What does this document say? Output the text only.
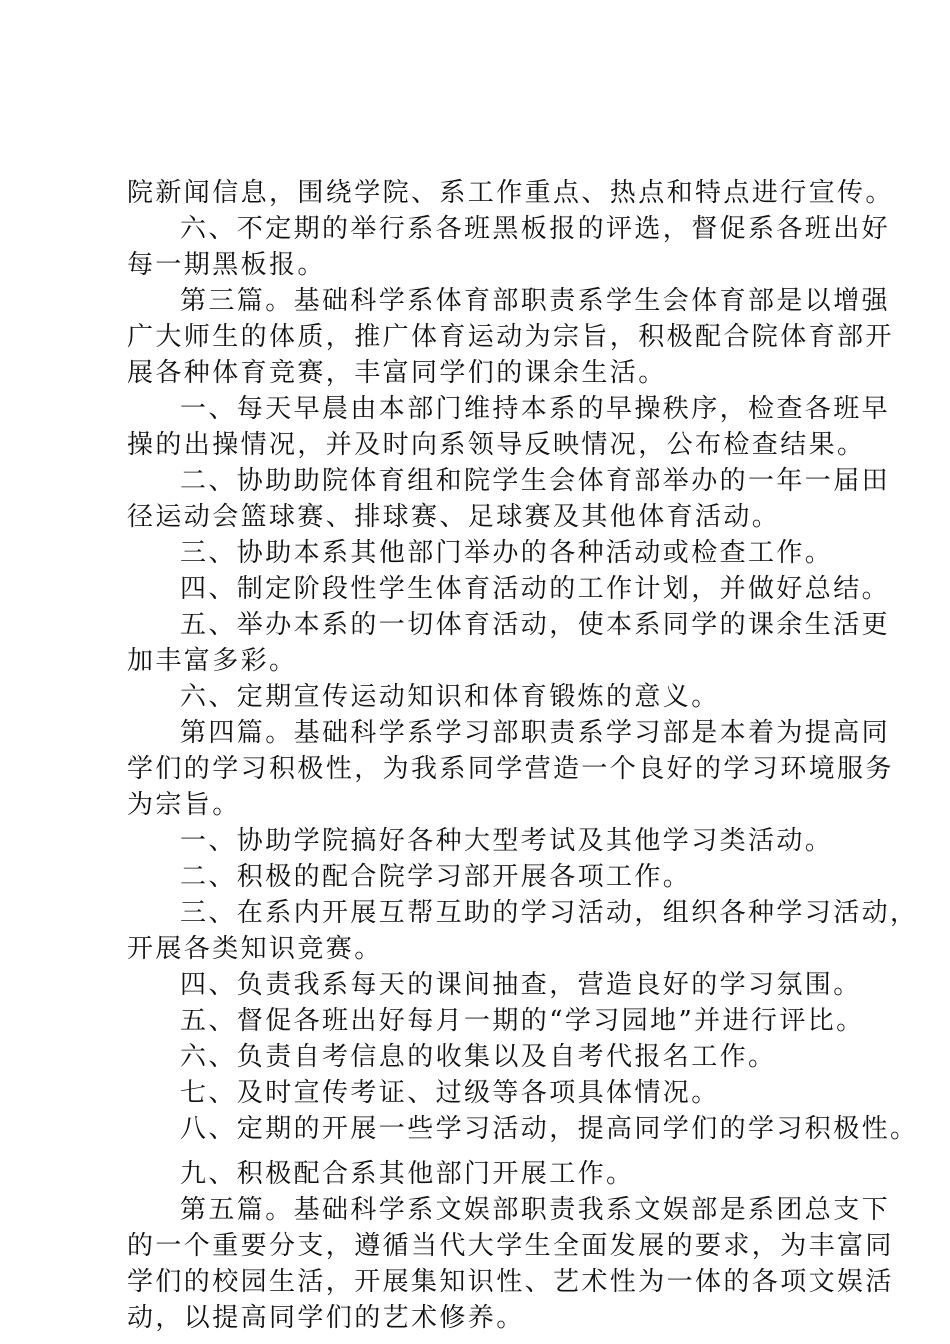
院新闻信息，围绕学院、系工作重点、热点和特点进行宣传。
六、不定期的举行系各班黑板报的评选，督促系各班出好
每一期黑板报。
第三篇。基础科学系体育部职责系学生会体育部是以增强
广大师生的体质，推广体育运动为宗旨，积极配合院体育部开
展各种体育竞赛，丰富同学们的课余生活。
一、每天早晨由本部门维持本系的早操秩序，检查各班早
操的出操情况，并及时向系领导反映情况，公布检查结果。
二、协助助院体育组和院学生会体育部举办的一年一届田
径运动会篮球赛、排球赛、足球赛及其他体育活动。
三、协助本系其他部门举办的各种活动或检查工作。
四、制定阶段性学生体育活动的工作计划，并做好总结。
五、举办本系的一切体育活动，使本系同学的课余生活更
加丰富多彩。
六、定期宣传运动知识和体育锻炼的意义。
第四篇。基础科学系学习部职责系学习部是本着为提高同
学们的学习积极性，为我系同学营造一个良好的学习环境服务
为宗旨。
一、协助学院搞好各种大型考试及其他学习类活动。
二、积极的配合院学习部开展各项工作。
三、在系内开展互帮互助的学习活动，组织各种学习活动，
开展各类知识竞赛。
四、负责我系每天的课间抽查，营造良好的学习氛围。
五、督促各班出好每月一期的“学习园地”并进行评比。
六、负责自考信息的收集以及自考代报名工作。
七、及时宣传考证、过级等各项具体情况。
八、定期的开展一些学习活动，提高同学们的学习积极性。
九、积极配合系其他部门开展工作。
第五篇。基础科学系文娱部职责我系文娱部是系团总支下
的一个重要分支，遵循当代大学生全面发展的要求，为丰富同
学们的校园生活，开展集知识性、艺术性为一体的各项文娱活
动，以提高同学们的艺术修养。
